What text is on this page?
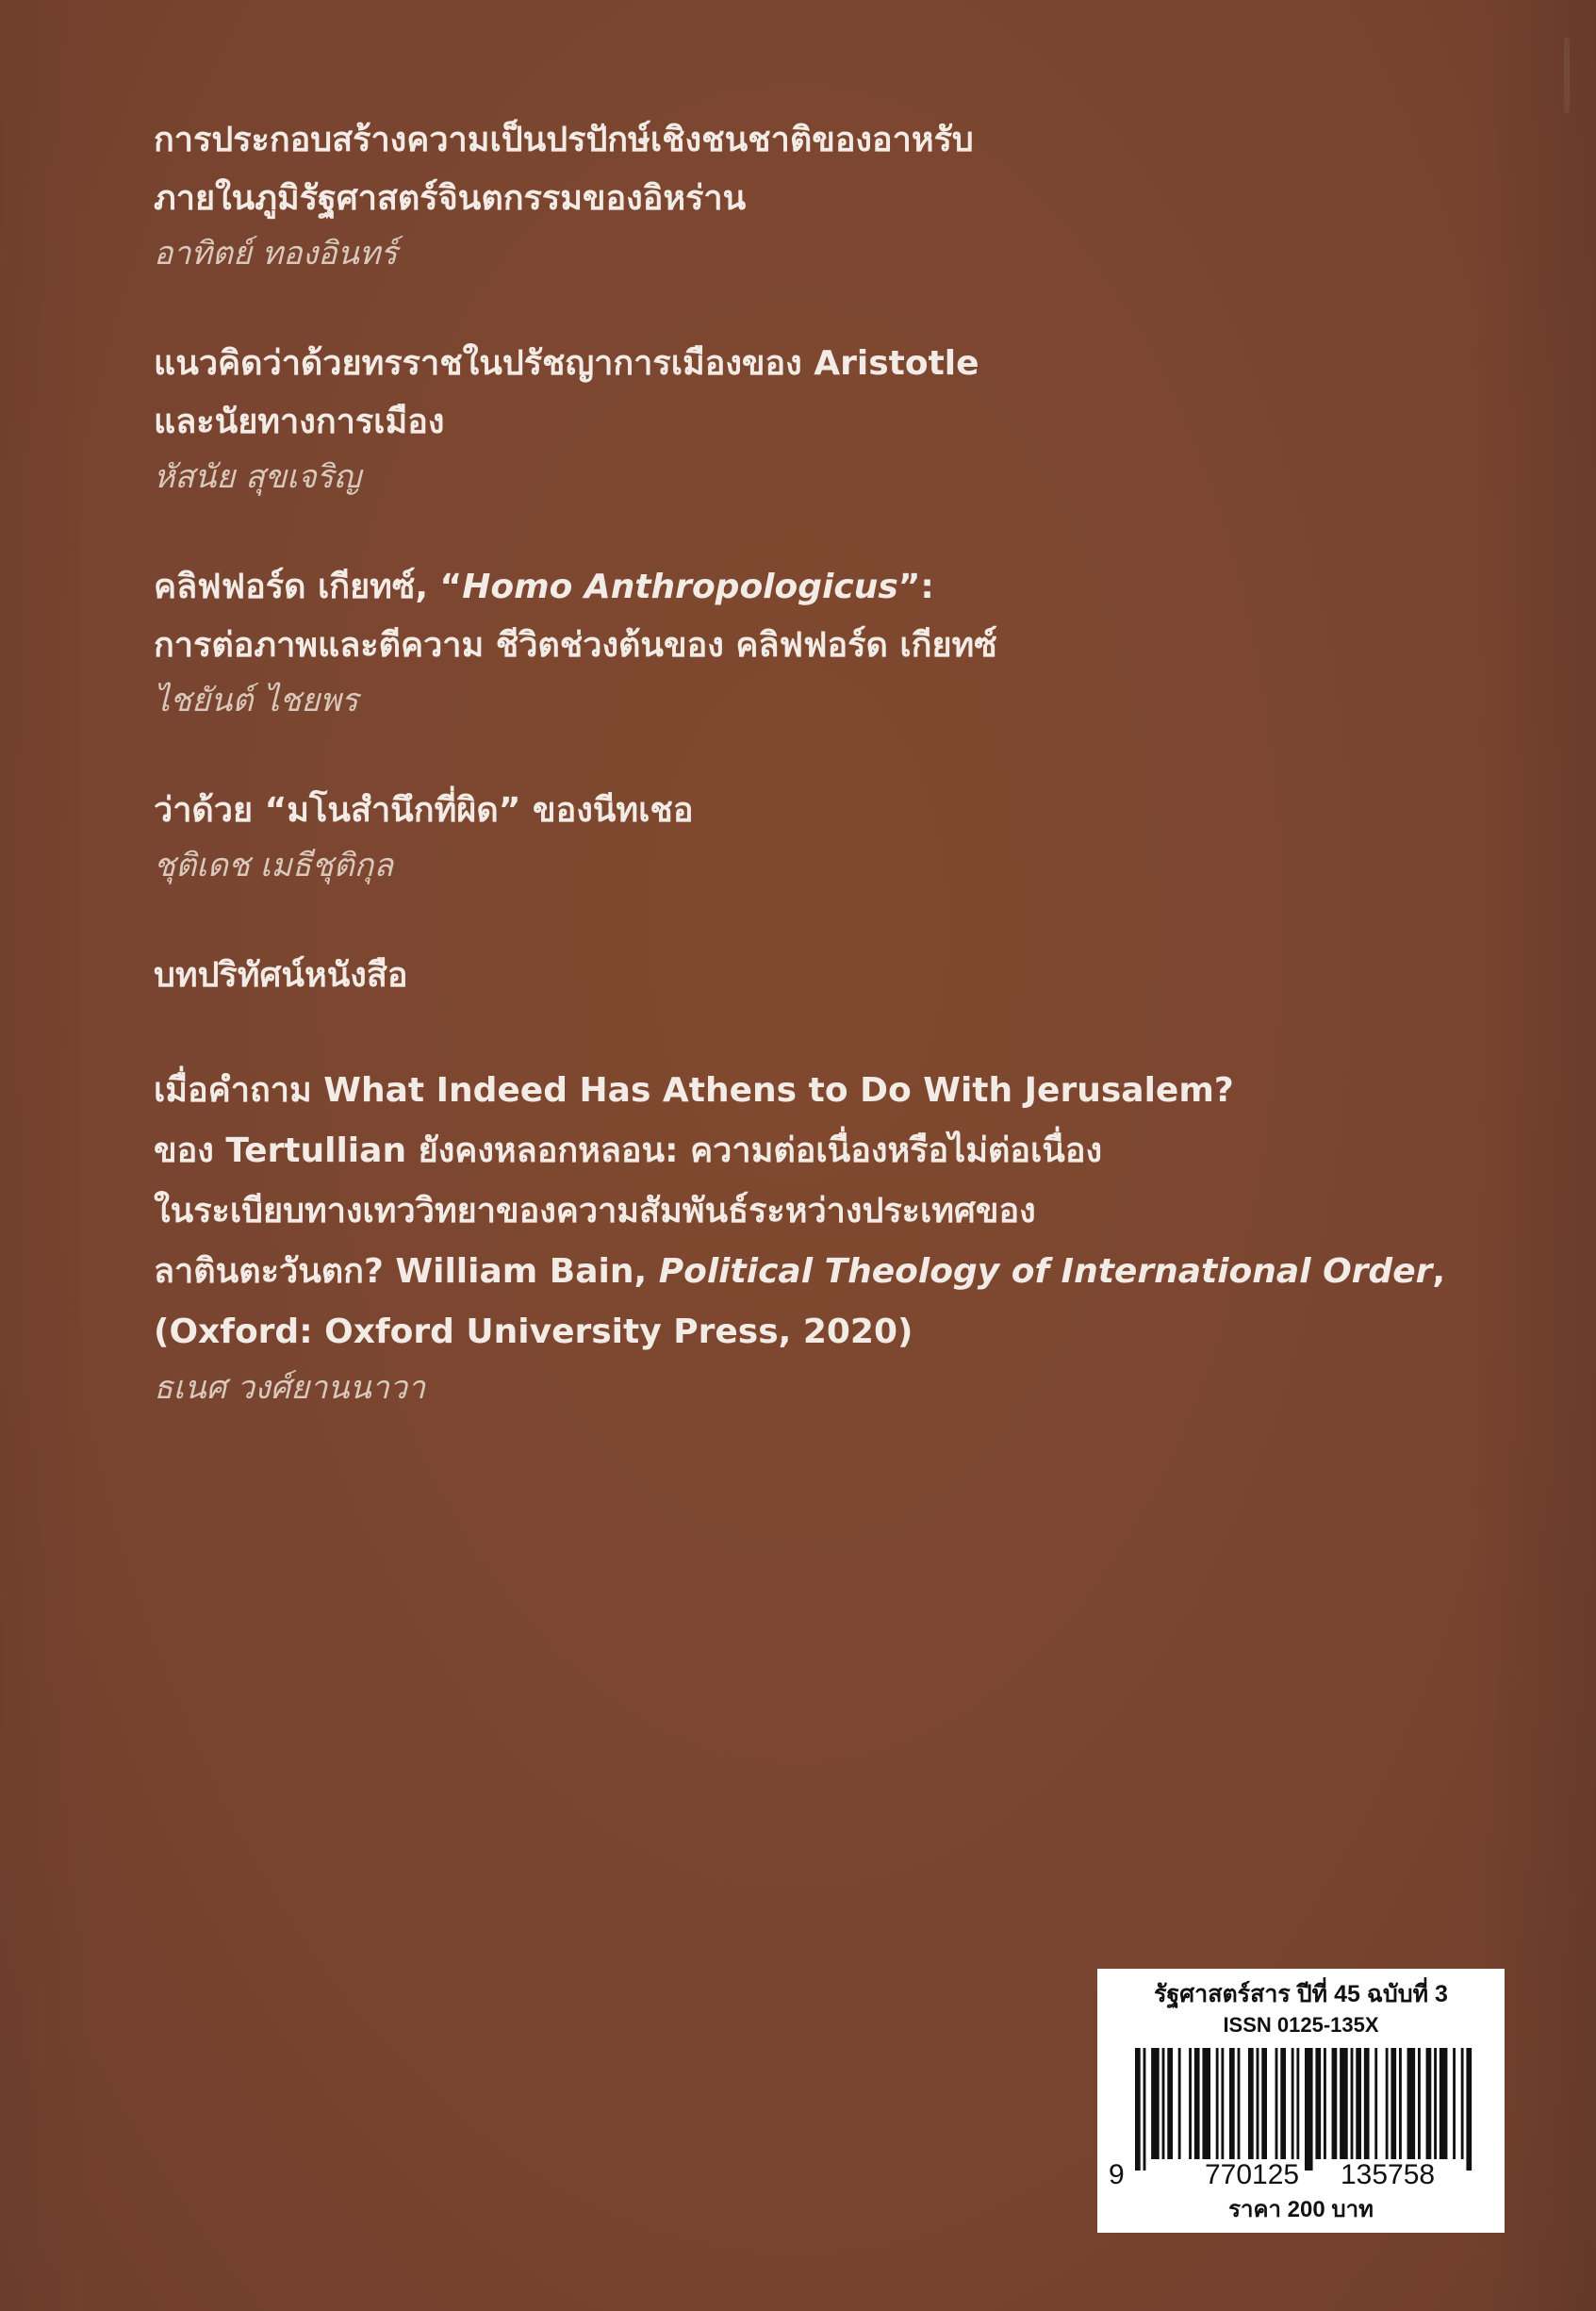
การประกอบสร้างความเป็นปรปักษ์เชิงชนชาติของอาหรับ
ภายในภูมิรัฐศาสตร์จินตกรรมของอิหร่าน
อาทิตย์ ทองอินทร์
แนวคิดว่าด้วยทรราชในปรัชญาการเมืองของ Aristotle
และนัยทางการเมือง
หัสนัย สุขเจริญ
คลิฟฟอร์ด เกียทซ์, “Homo Anthropologicus”:
การต่อภาพและตีความ ชีวิตช่วงต้นของ คลิฟฟอร์ด เกียทซ์
ไชยันต์ ไชยพร
ว่าด้วย “มโนสำนึกที่ผิด” ของนีทเชอ
ชุติเดช เมธีชุติกุล
บทปริทัศน์หนังสือ
เมื่อคำถาม What Indeed Has Athens to Do With Jerusalem?
ของ Tertullian ยังคงหลอกหลอน: ความต่อเนื่องหรือไม่ต่อเนื่อง
ในระเบียบทางเทววิทยาของความสัมพันธ์ระหว่างประเทศของ
ลาตินตะวันตก? William Bain, Political Theology of International Order,
(Oxford: Oxford University Press, 2020)
ธเนศ วงศ์ยานนาวา
รัฐศาสตร์สาร ปีที่ 45 ฉบับที่ 3
ISSN 0125-135X
9	770125 135758
ราคา 200 บาท
